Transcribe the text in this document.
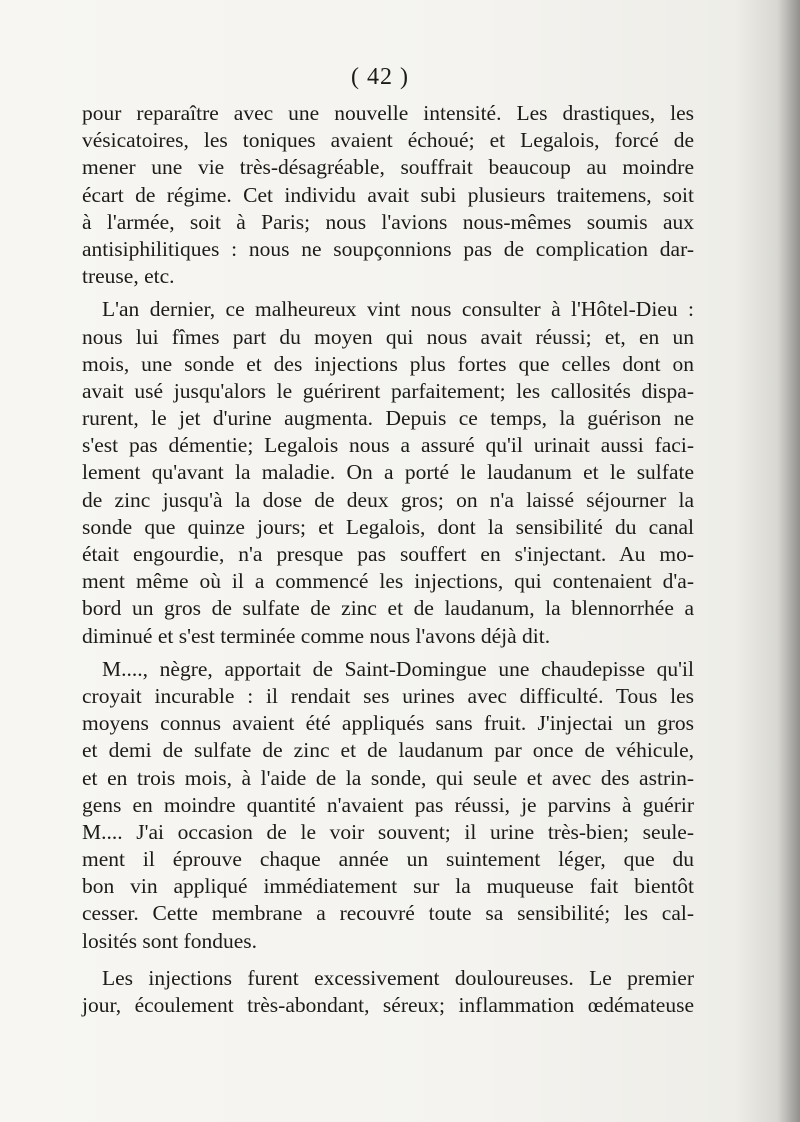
( 42 )
pour reparaître avec une nouvelle intensité. Les drastiques, les
vésicatoires, les toniques avaient échoué; et Legalois, forcé de
mener une vie très-désagréable, souffrait beaucoup au moindre
écart de régime. Cet individu avait subi plusieurs traitemens, soit
à l'armée, soit à Paris; nous l'avions nous-mêmes soumis aux
antisiphilitiques : nous ne soupçonnions pas de complication dar-
treuse, etc.
L'an dernier, ce malheureux vint nous consulter à l'Hôtel-Dieu :
nous lui fîmes part du moyen qui nous avait réussi; et, en un
mois, une sonde et des injections plus fortes que celles dont on
avait usé jusqu'alors le guérirent parfaitement; les callosités dispa-
rurent, le jet d'urine augmenta. Depuis ce temps, la guérison ne
s'est pas démentie; Legalois nous a assuré qu'il urinait aussi faci-
lement qu'avant la maladie. On a porté le laudanum et le sulfate
de zinc jusqu'à la dose de deux gros; on n'a laissé séjourner la
sonde que quinze jours; et Legalois, dont la sensibilité du canal
était engourdie, n'a presque pas souffert en s'injectant. Au mo-
ment même où il a commencé les injections, qui contenaient d'a-
bord un gros de sulfate de zinc et de laudanum, la blennorrhée a
diminué et s'est terminée comme nous l'avons déjà dit.
M...., nègre, apportait de Saint-Domingue une chaudepisse qu'il
croyait incurable : il rendait ses urines avec difficulté. Tous les
moyens connus avaient été appliqués sans fruit. J'injectai un gros
et demi de sulfate de zinc et de laudanum par once de véhicule,
et en trois mois, à l'aide de la sonde, qui seule et avec des astrin-
gens en moindre quantité n'avaient pas réussi, je parvins à guérir
M.... J'ai occasion de le voir souvent; il urine très-bien; seule-
ment il éprouve chaque année un suintement léger, que du
bon vin appliqué immédiatement sur la muqueuse fait bientôt
cesser. Cette membrane a recouvré toute sa sensibilité; les cal-
losités sont fondues.
Les injections furent excessivement douloureuses. Le premier
jour, écoulement très-abondant, séreux; inflammation œdémateuse
